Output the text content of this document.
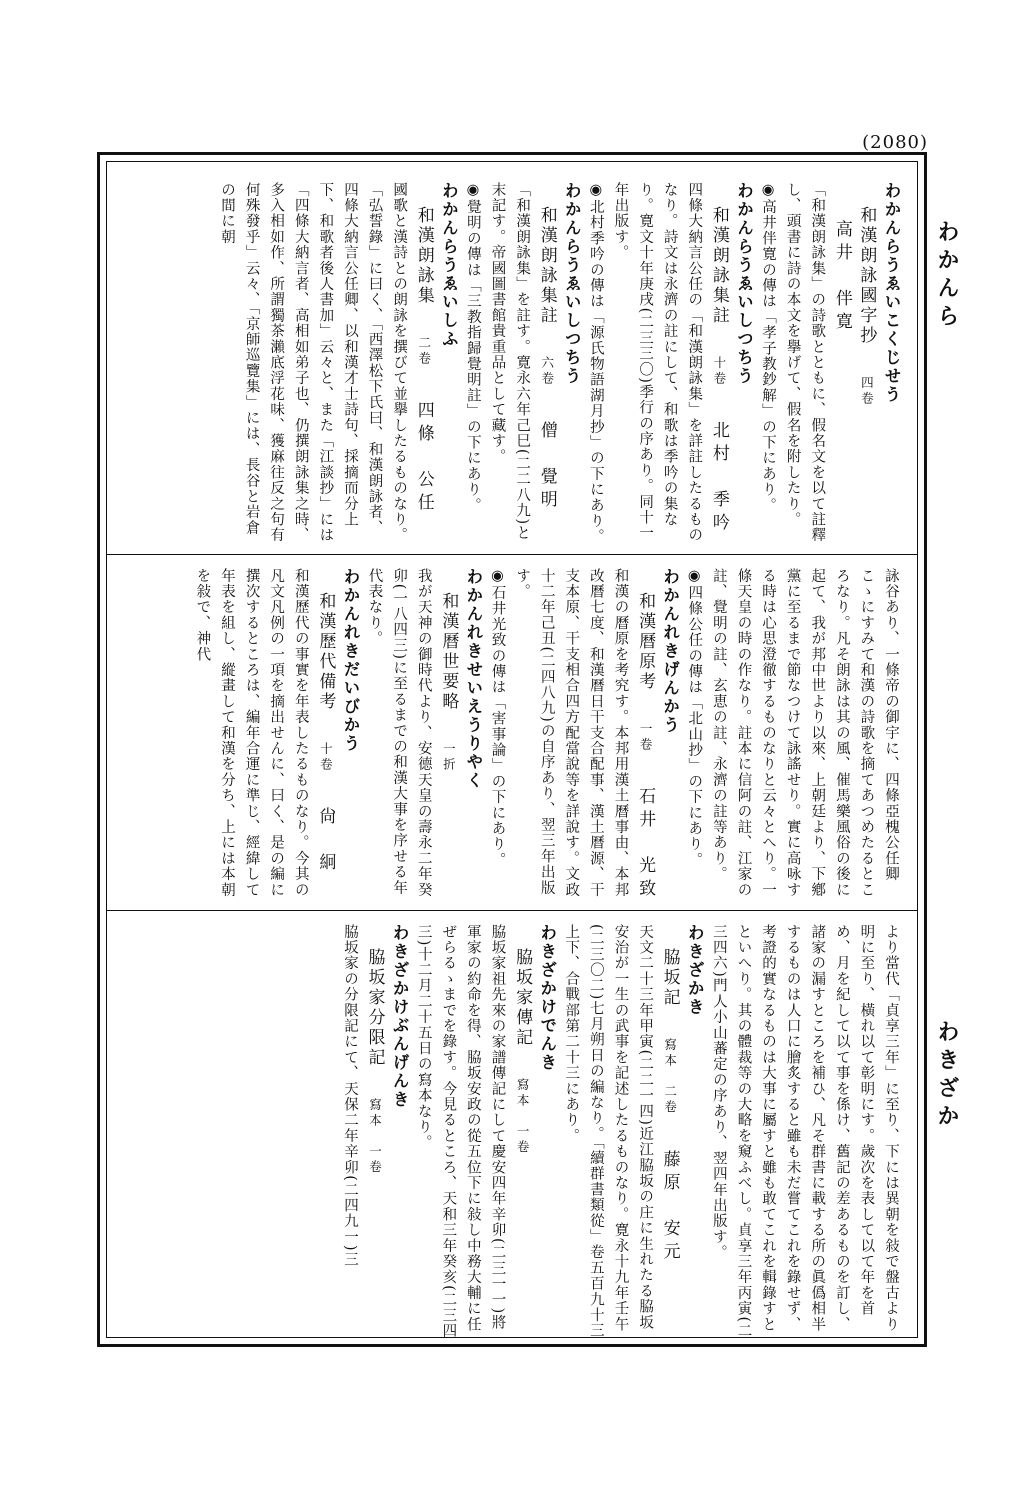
(2080)
わかんらうゑいこくじせう
和漢朗詠國字抄　四卷　高井　伴寛
「和漢朗詠集」の詩歌とともに、假名文を以て註釋し、頭書に詩の本文を擧げて、假名を附したり。
◉高井伴寛の傳は「孝子教鈔解」の下にあり。
わかんらうゑいしつちう
和漢朗詠集註　十卷　北村　季吟
四條大納言公任の「和漢朗詠集」を詳註したるものなり。詩文は永濟の註にして、和歌は季吟の集なり。寛文十年庚戌(二三三〇)季行の序あり。同十一年出版す。
◉北村季吟の傳は「源氏物語湖月抄」の下にあり。
わかんらうゑいしつちう
和漢朗詠集註　六卷　僧　覺明
「和漢朗詠集」を註す。寛永六年己巳(二二八九)と末記す。帝國圖書館貴重品として藏す。
◉覺明の傳は「三教指歸覺明註」の下にあり。
わかんらうゑいしふ
和漢朗詠集　二卷　四條　公任
國歌と漢詩との朗詠を撰びて並擧したるものなり。「弘誓錄」に曰く、「西澤松下氏曰、和漢朗詠者、四條大納言公任卿、以和漢才士詩句、採摘而分上下、和歌者後人書加」云々と、また「江談抄」には「四條大納言者、高相如弟子也、仍撰朗詠集之時、多入相如作、所謂獨茶瀨底浮花味、獲麻往反之句有何殊發乎」云々、「京師巡覽集」には、長谷と岩倉の間に朝
詠谷あり、一條帝の御宇に、四條亞槐公任卿こゝにすみて和漢の詩歌を摘てあつめたるところなり。凡そ朗詠は其の風、催馬樂風俗の後に起て、我が邦中世より以來、上朝廷より、下鄕黨に至るまで節なつけて詠謠せり。實に高咏する時は心思澄徹するものなりと云々とへり。一條天皇の時の作なり。註本に信阿の註、江家の註、覺明の註、玄恵の註、永濟の註等あり。
◉四條公任の傳は「北山抄」の下にあり。
わかんれきげんかう
和漢曆原考　一卷　石井　光致
和漢の曆原を考究す。本邦用漢土曆事由、本邦改曆七度、和漢曆日干支合配事、漢土曆源、干支本原、干支相合四方配當說等を詳說す。文政十二年己丑(二四八九)の自序あり、翌三年出版す。
◉石井光致の傳は「害事論」の下にあり。
わかんれきせいえうりやく
和漢曆世要略　一折
我が天神の御時代より、安德天皇の壽永二年癸卯(一八四三)に至るまでの和漢大事を序せる年代表なり。
わかんれきだいびかう
和漢歷代備考　十卷　尙　絅
和漢歷代の事實を年表したるものなり。今其の凡文凡例の一項を摘出せんに、曰く、是の編に撰次するところは、編年合運に準じ、經緯して年表を組し、縱畫して和漢を分ち、上には本朝を敍で、神代
より當代「貞享三年」に至り、下には異朝を敍で盤古より明に至り、橫れ以て彰明にす。歲次を表して以て年を首め、月を紀して以て事を係け、舊記の差あるものを訂し、諸家の漏すところを補ひ、凡そ群書に載する所の眞僞相半するものは人口に膾炙すると雖も未だ嘗てこれを錄せず、考證的實なるものは大事に屬すと雖も敢てこれを輯錄すとといへり。其の體裁等の大略を窺ふべし。貞享三年丙寅(二三四六)門人小山蕃定の序あり、翌四年出版す。
わきざかき
脇坂記　寫本　二卷　藤原　安元
天文二十三年甲寅(二二一四)近江脇坂の庄に生れたる脇坂安治が一生の武事を記述したるものなり。寛永十九年壬午(二三〇二)七月朔日の編なり。「續群書類從」卷五百九十三上下、合戰部第二十三にあり。
わきざかけでんき
脇坂家傳記　寫本　一卷
脇坂家祖先來の家譜傳記にして慶安四年辛卯(二三一一)將軍家の約命を得、脇坂安政の從五位下に敍し中務大輔に任ぜらるゝまでを錄す。今見るところ、天和三年癸亥(二三四三)十二月二十五日の寫本なり。
わきざかけぶんげんき
脇坂家分限記　寫本　一卷
脇坂家の分限記にて、天保二年辛卯(二四九一)三
わかんら
わきざか
